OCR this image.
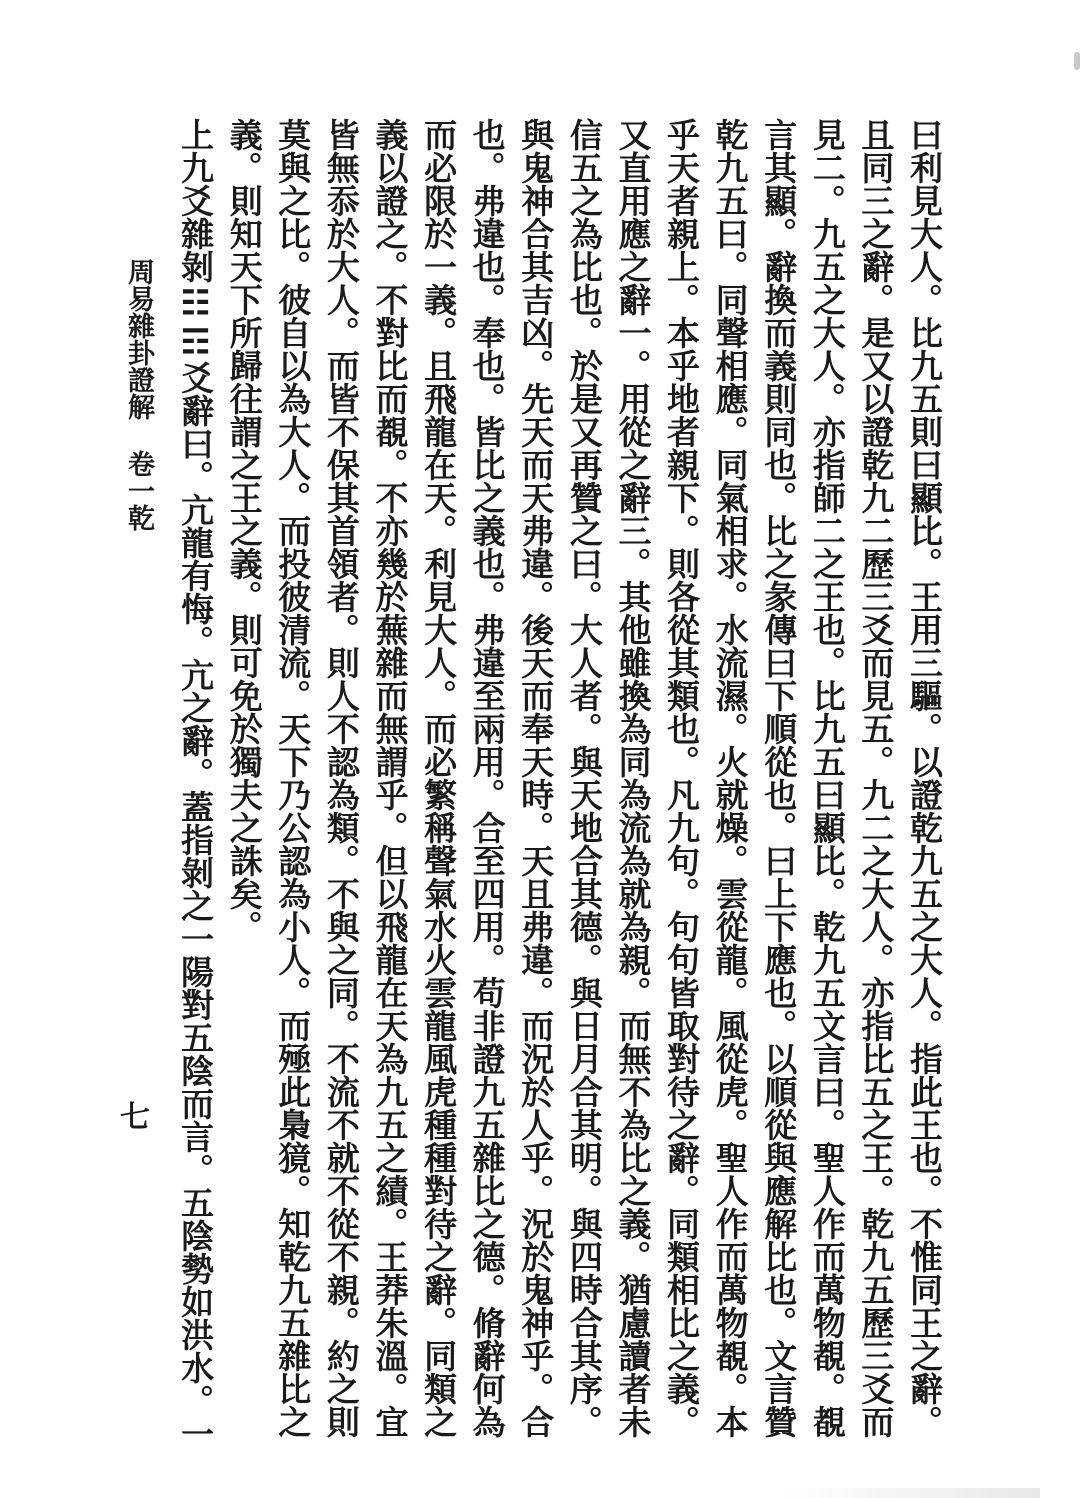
曰利見大人。比九五則曰顯比。王用三驅。以證乾九五之大人。指此王也。不惟同王之辭。
且同三之辭。是又以證乾九二歷三爻而見五。九二之大人。亦指比五之王。乾九五歷三爻而
見二。九五之大人。亦指師二之王也。比九五曰顯比。乾九五文言曰。聖人作而萬物覩。覩
言其顯。辭換而義則同也。比之彖傳曰下順從也。曰上下應也。以順從與應解比也。文言贊
乾九五曰。同聲相應。同氣相求。水流濕。火就燥。雲從龍。風從虎。聖人作而萬物覩。本
乎天者親上。本乎地者親下。則各從其類也。凡九句。句句皆取對待之辭。同類相比之義。
又直用應之辭一。用從之辭三。其他雖換為同為流為就為親。而無不為比之義。猶慮讀者未
信五之為比也。於是又再贊之曰。大人者。與天地合其德。與日月合其明。與四時合其序。
與鬼神合其吉凶。先天而天弗違。後天而奉天時。天且弗違。而況於人乎。況於鬼神乎。合
也。弗違也。奉也。皆比之義也。弗違至兩用。合至四用。苟非證九五雜比之德。脩辭何為
而必限於一義。且飛龍在天。利見大人。而必繁稱聲氣水火雲龍風虎種種對待之辭。同類之
義以證之。不對比而覩。不亦幾於蕪雜而無謂乎。但以飛龍在天為九五之績。王莽朱溫。宜
皆無忝於大人。而皆不保其首領者。則人不認為類。不與之同。不流不就不從不親。約之則
莫與之比。彼自以為大人。而投彼清流。天下乃公認為小人。而殛此梟獍。知乾九五雜比之
義。則知天下所歸往謂之王之義。則可免於獨夫之誅矣。
上九爻雜剝☷☶爻辭曰。亢龍有悔。亢之辭。蓋指剝之一陽對五陰而言。五陰勢如洪水。一
周易雜卦證解卷一乾
七
